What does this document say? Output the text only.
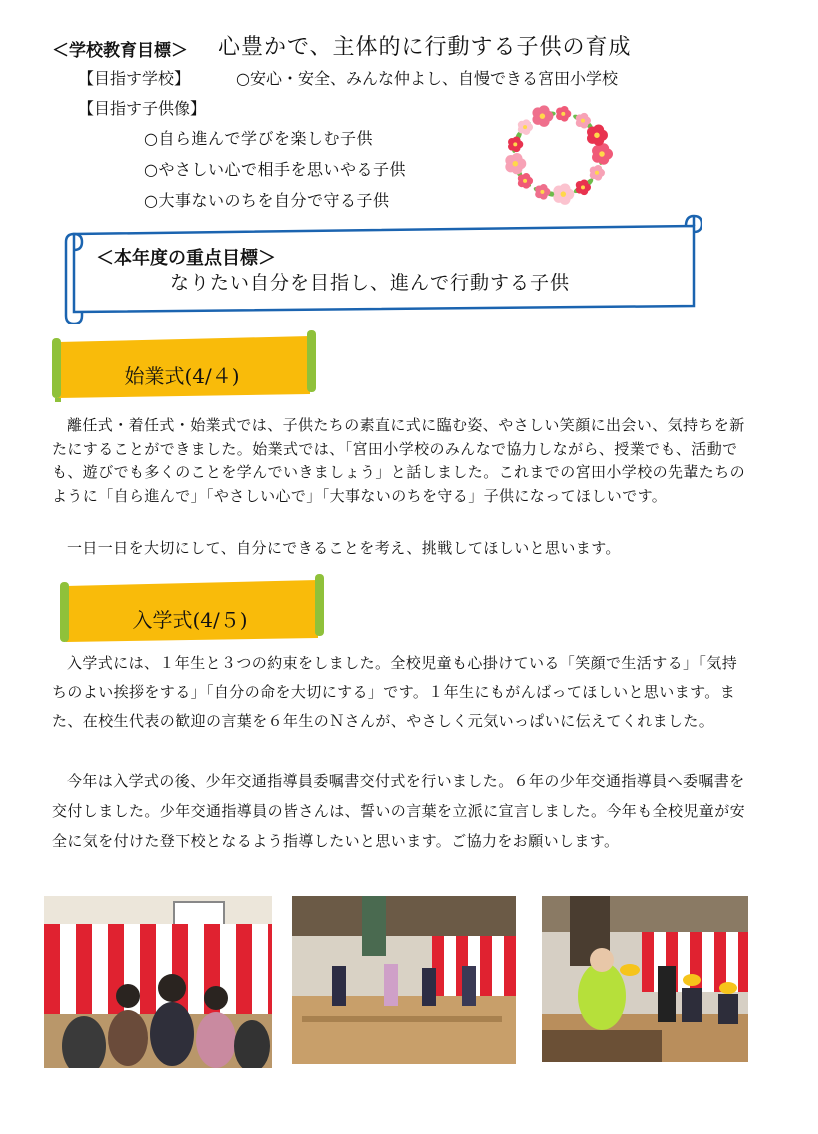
＜学校教育目標＞ 心豊かで、主体的に行動する子供の育成
【目指す学校】	○安心・安全、みんな仲よし、自慢できる宮田小学校
【目指す子供像】
○自ら進んで学びを楽しむ子供
○やさしい心で相手を思いやる子供
○大事ないのちを自分で守る子供
＜本年度の重点目標＞
なりたい自分を目指し、進んで行動する子供
始業式(4/４)

離任式・着任式・始業式では、子供たちの素直に式に臨む姿、やさしい笑顔に出会い、気持ちを新たにすることができました。始業式では、「宮田小学校のみんなで協力しながら、授業でも、活動でも、遊びでも多くのことを学んでいきましょう」と話しました。これまでの宮田小学校の先輩たちのように「自ら進んで」「やさしい心で」「大事ないのちを守る」子供になってほしいです。

一日一日を大切にして、自分にできることを考え、挑戦してほしいと思います。

入学式(4/５)

入学式には、１年生と３つの約束をしました。全校児童も心掛けている「笑顔で生活する」「気持ちのよい挨拶をする」「自分の命を大切にする」です。１年生にもがんばってほしいと思います。また、在校生代表の歓迎の言葉を６年生のＮさんが、やさしく元気いっぱいに伝えてくれました。

今年は入学式の後、少年交通指導員委嘱書交付式を行いました。６年の少年交通指導員へ委嘱書を交付しました。少年交通指導員の皆さんは、誓いの言葉を立派に宣言しました。今年も全校児童が安全に気を付けた登下校となるよう指導したいと思います。ご協力をお願いします。
